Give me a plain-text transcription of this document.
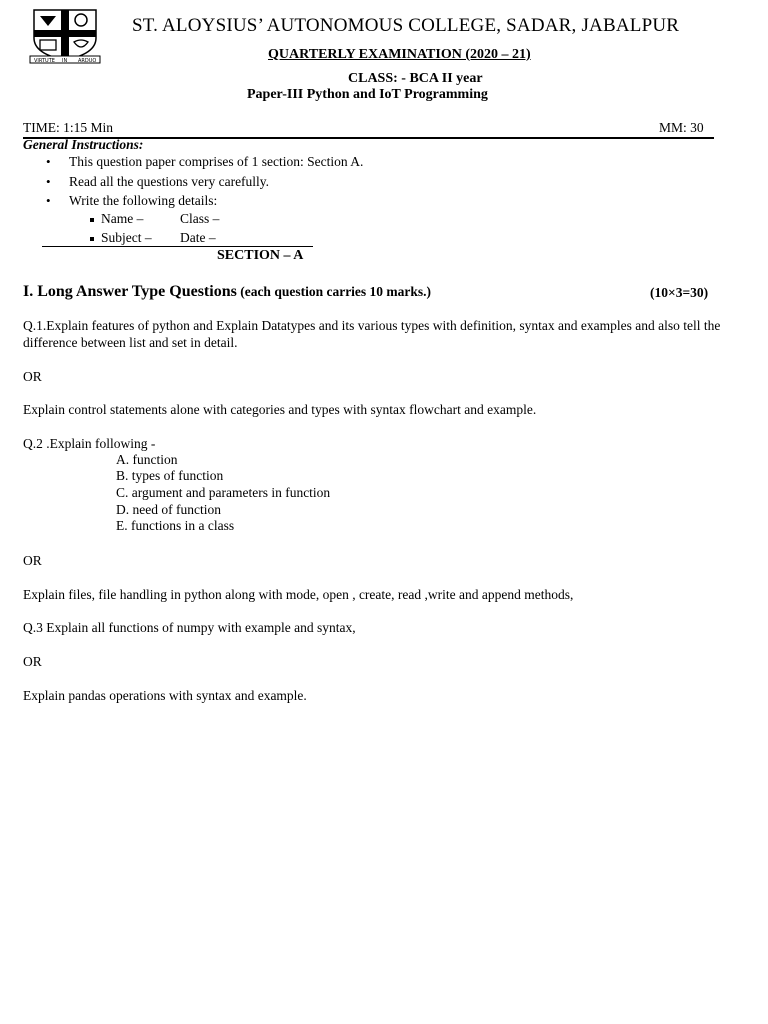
VIRTUTE IN ARDUO
ST. ALOYSIUS’ AUTONOMOUS COLLEGE, SADAR, JABALPUR
QUARTERLY EXAMINATION (2020 – 21)
CLASS: - BCA II year
Paper-III Python and IoT Programming
TIME: 1:15 Min	MM: 30
General Instructions:
• This question paper comprises of 1 section: Section A.
• Read all the questions very carefully.
• Write the following details:
Name –	Class –
Subject – Date –
SECTION – A
I. Long Answer Type Questions (each question carries 10 marks.)	(10×3=30)
Q.1.Explain features of python and Explain Datatypes and its various types with definition, syntax and examples and also tell the difference between list and set in detail.
OR
Explain control statements alone with categories and types with syntax flowchart and example.
Q.2 .Explain following -
A. function
B. types of function
C. argument and parameters in function
D. need of function
E. functions in a class
OR
Explain files, file handling in python along with mode, open , create, read ,write and append methods,
Q.3 Explain all functions of numpy with example and syntax,
OR
Explain pandas operations with syntax and example.
